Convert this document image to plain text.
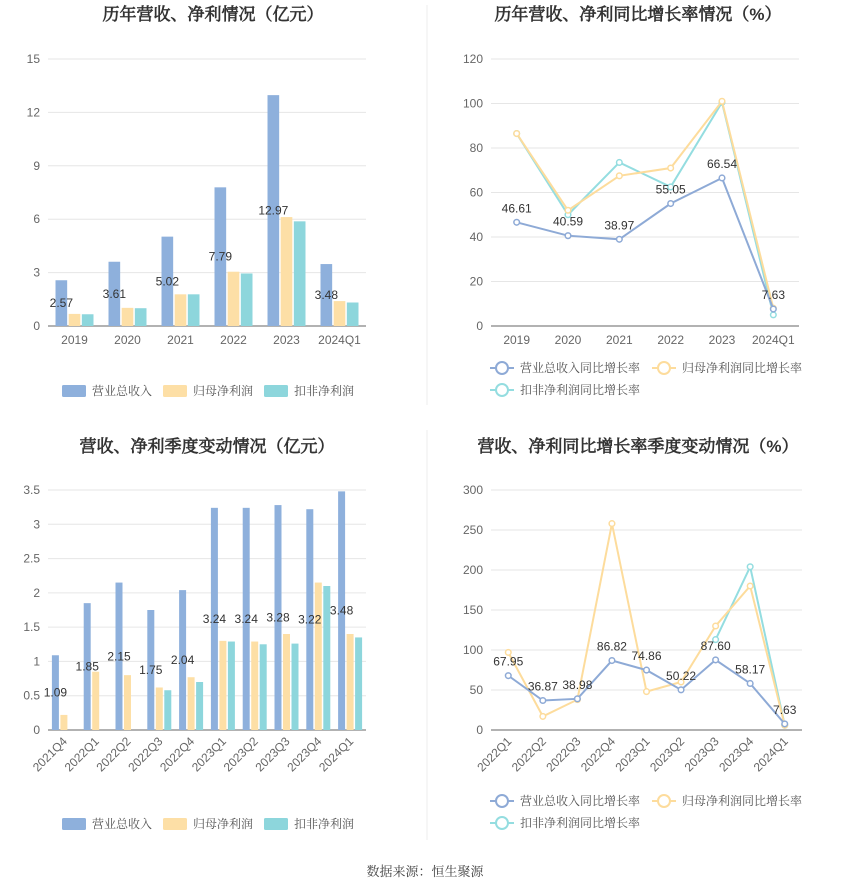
数据来源：恒生聚源
历年营收、净利情况（亿元）
0
3
6
9
12
15
2019 2020 2021 2022 2023 2024Q1
2.57
3.61
5.02
7.79
12.97
3.48
营业总收入	归母净利润	扣非净利润
历年营收、净利同比增长率情况（%）
0
20
40
60
80
100
120
2019 2020 2021 2022 2023 2024Q1
46.61
40.59 38.97
55.05
66.54
7.63
营业总收入同比增长率	归母净利润同比增长率
扣非净利润同比增长率
营收、净利季度变动情况（亿元）
0
0.5
1
1.5
2
2.5
3
3.5
2021Q4
2022Q1
2022Q2
2022Q3
2022Q4
2023Q1
2023Q2
2023Q3
2023Q4
2024Q1
1.09
1.85
2.15
1.75
2.04
3.24 3.24 3.28 3.22
3.48
营业总收入	归母净利润	扣非净利润
营收、净利同比增长率季度变动情况（%）
0
50
100
150
200
250
300
2022Q1
2022Q2
2022Q3
2022Q4
2023Q1
2023Q2
2023Q3
2023Q4
2024Q1
67.95
36.87 38.98
86.82
74.86
50.22
87.60
58.17
7.63
营业总收入同比增长率	归母净利润同比增长率
扣非净利润同比增长率
